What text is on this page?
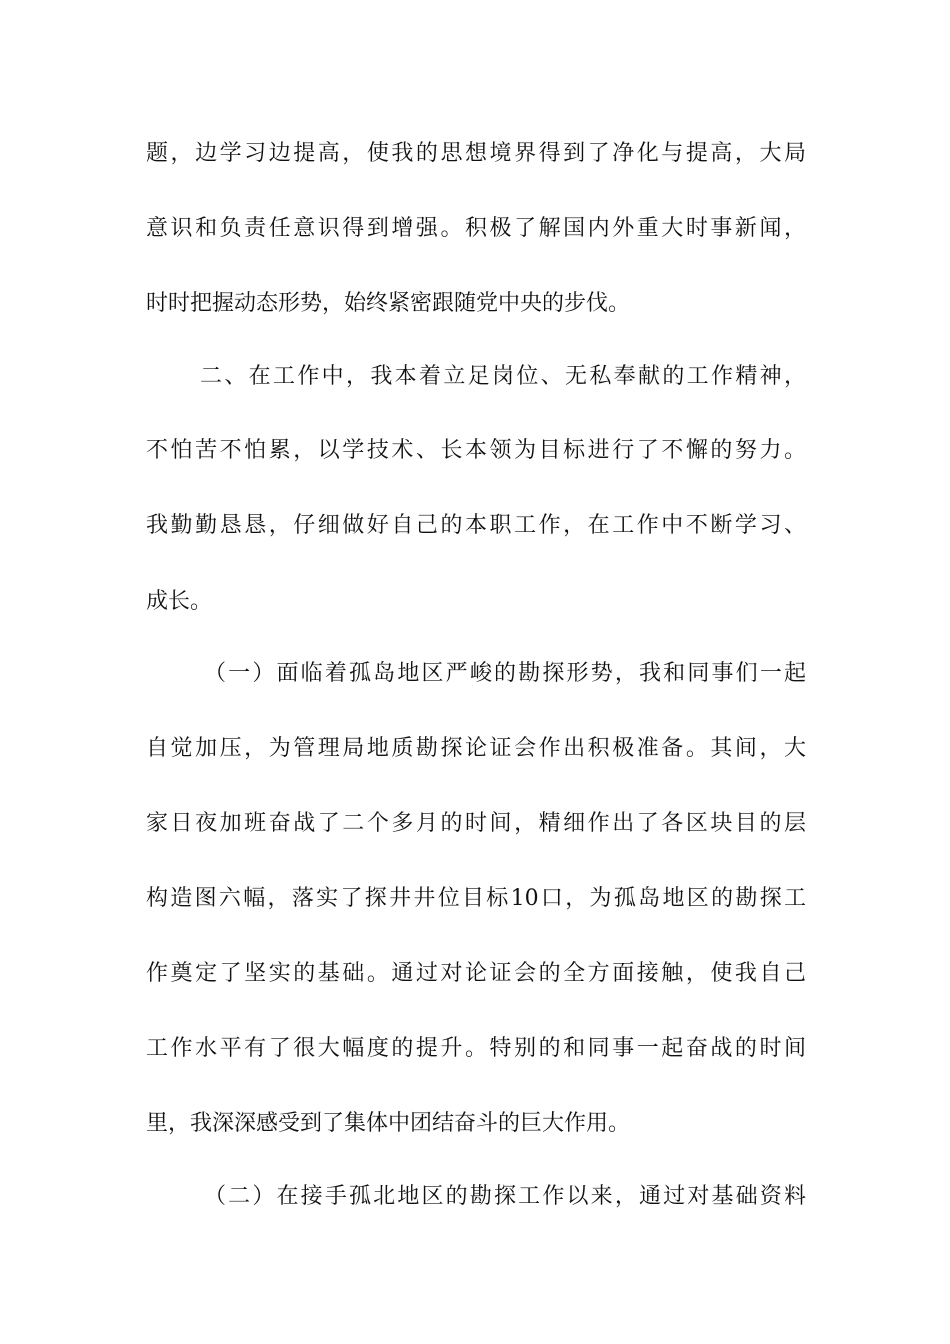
题，边学习边提高，使我的思想境界得到了净化与提高，大局
意识和负责任意识得到增强。积极了解国内外重大时事新闻，
时时把握动态形势，始终紧密跟随党中央的步伐。
二、在工作中，我本着立足岗位、无私奉献的工作精神，
不怕苦不怕累，以学技术、长本领为目标进行了不懈的努力。
我勤勤恳恳，仔细做好自己的本职工作，在工作中不断学习、
成长。
（一）面临着孤岛地区严峻的勘探形势，我和同事们一起
自觉加压，为管理局地质勘探论证会作出积极准备。其间，大
家日夜加班奋战了二个多月的时间，精细作出了各区块目的层
构造图六幅，落实了探井井位目标10口，为孤岛地区的勘探工
作奠定了坚实的基础。通过对论证会的全方面接触，使我自己
工作水平有了很大幅度的提升。特别的和同事一起奋战的时间
里，我深深感受到了集体中团结奋斗的巨大作用。
（二）在接手孤北地区的勘探工作以来，通过对基础资料
